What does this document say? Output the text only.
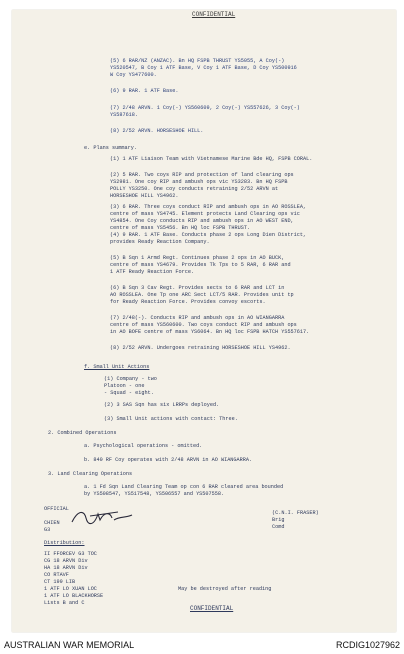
CONFIDENTIAL
(5) 6 RAR/NZ (ANZAC). Bn HQ FSPB THRUST YS5055, A Coy(-)
YS520547, B Coy 1 ATF Base, V Coy 1 ATF Base, D Coy YS500916
W Coy YS477600.
(6) 9 RAR. 1 ATF Base.
(7) 2/48 ARVN. 1 Coy(-) YS560609, 2 Coy(-) YS557626, 3 Coy(-)
YS587618.
(8) 2/52 ARVN. HORSESHOE HILL.
e. Plans summary.
(1) 1 ATF Liaison Team with Vietnamese Marine Bde HQ, FSPB CORAL.
(2) 5 RAR. Two coys RIP and protection of land clearing ops
YS2981. One coy RIP and ambush ops vic YS3283. Bn HQ FSPB
POLLY YS3250. One coy conducts retraining 2/52 ARVN at
HORSESHOE HILL YS4962.
(3) 6 RAR. Three coys conduct RIP and ambush ops in AO ROSSLEA,
centre of mass YS4745. Element protects Land Clearing ops vic
YS4854. One Coy conducts RIP and ambush ops in AO WEST END,
centre of mass YS5456. Bn HQ loc FSPB THRUST.
(4) 9 RAR. 1 ATF Base. Conducts phase 2 ops Long Dien District,
provides Ready Reaction Company.
(5) B Sqn 1 Armd Regt. Continues phase 2 ops in AO BUCK,
centre of mass YS4679. Provides Tk Tps to 5 RAR, 6 RAR and
1 ATF Ready Reaction Force.
(6) B Sqn 3 Cav Regt. Provides sects to 6 RAR and LCT in
AO ROSSLEA. One Tp one ARC Sect LCT/5 RAR. Provides unit tp
for Ready Reaction Force. Provides convoy escorts.
(7) 2/48(-). Conducts RIP and ambush ops in AO WIANGARRA
centre of mass YS560600. Two coys conduct RIP and ambush ops
in AO BOFE centre of mass YS6064. Bn HQ loc FSPB HATCH YS557617.
(8) 2/52 ARVN. Undergoes retraining HORSESHOE HILL YS4962.
f. Small Unit Actions
(1) Company - two
Platoon - one
- Squad - eight.
(2) 3 SAS Sqn has six LRRPs deployed.
(3) Small Unit actions with contact: Three.
2. Combined Operations
a. Psychological operations - omitted.
b. 840 RF Coy operates with 2/48 ARVN in AO WIANGARRA.
3. Land Clearing Operations
a. 1 Fd Sqn Land Clearing Team op con 6 RAR cleared area bounded
by YS508547, YS517548, YS506557 and YS507558.
OFFICIAL
CHIEN
G3
(C.N.I. FRASER)
Brig
Comd
Distribution:
II FFORCEV G3 TOC
CG 18 ARVN Div
HA 18 ARVN Div
CO RTAVF
CT 199 LIB
1 ATF LO XUAN LOC
1 ATF LO BLACKHORSE
Lists B and C
May be destroyed after reading
CONFIDENTIAL
AUSTRALIAN WAR MEMORIAL	RCDIG1027962
